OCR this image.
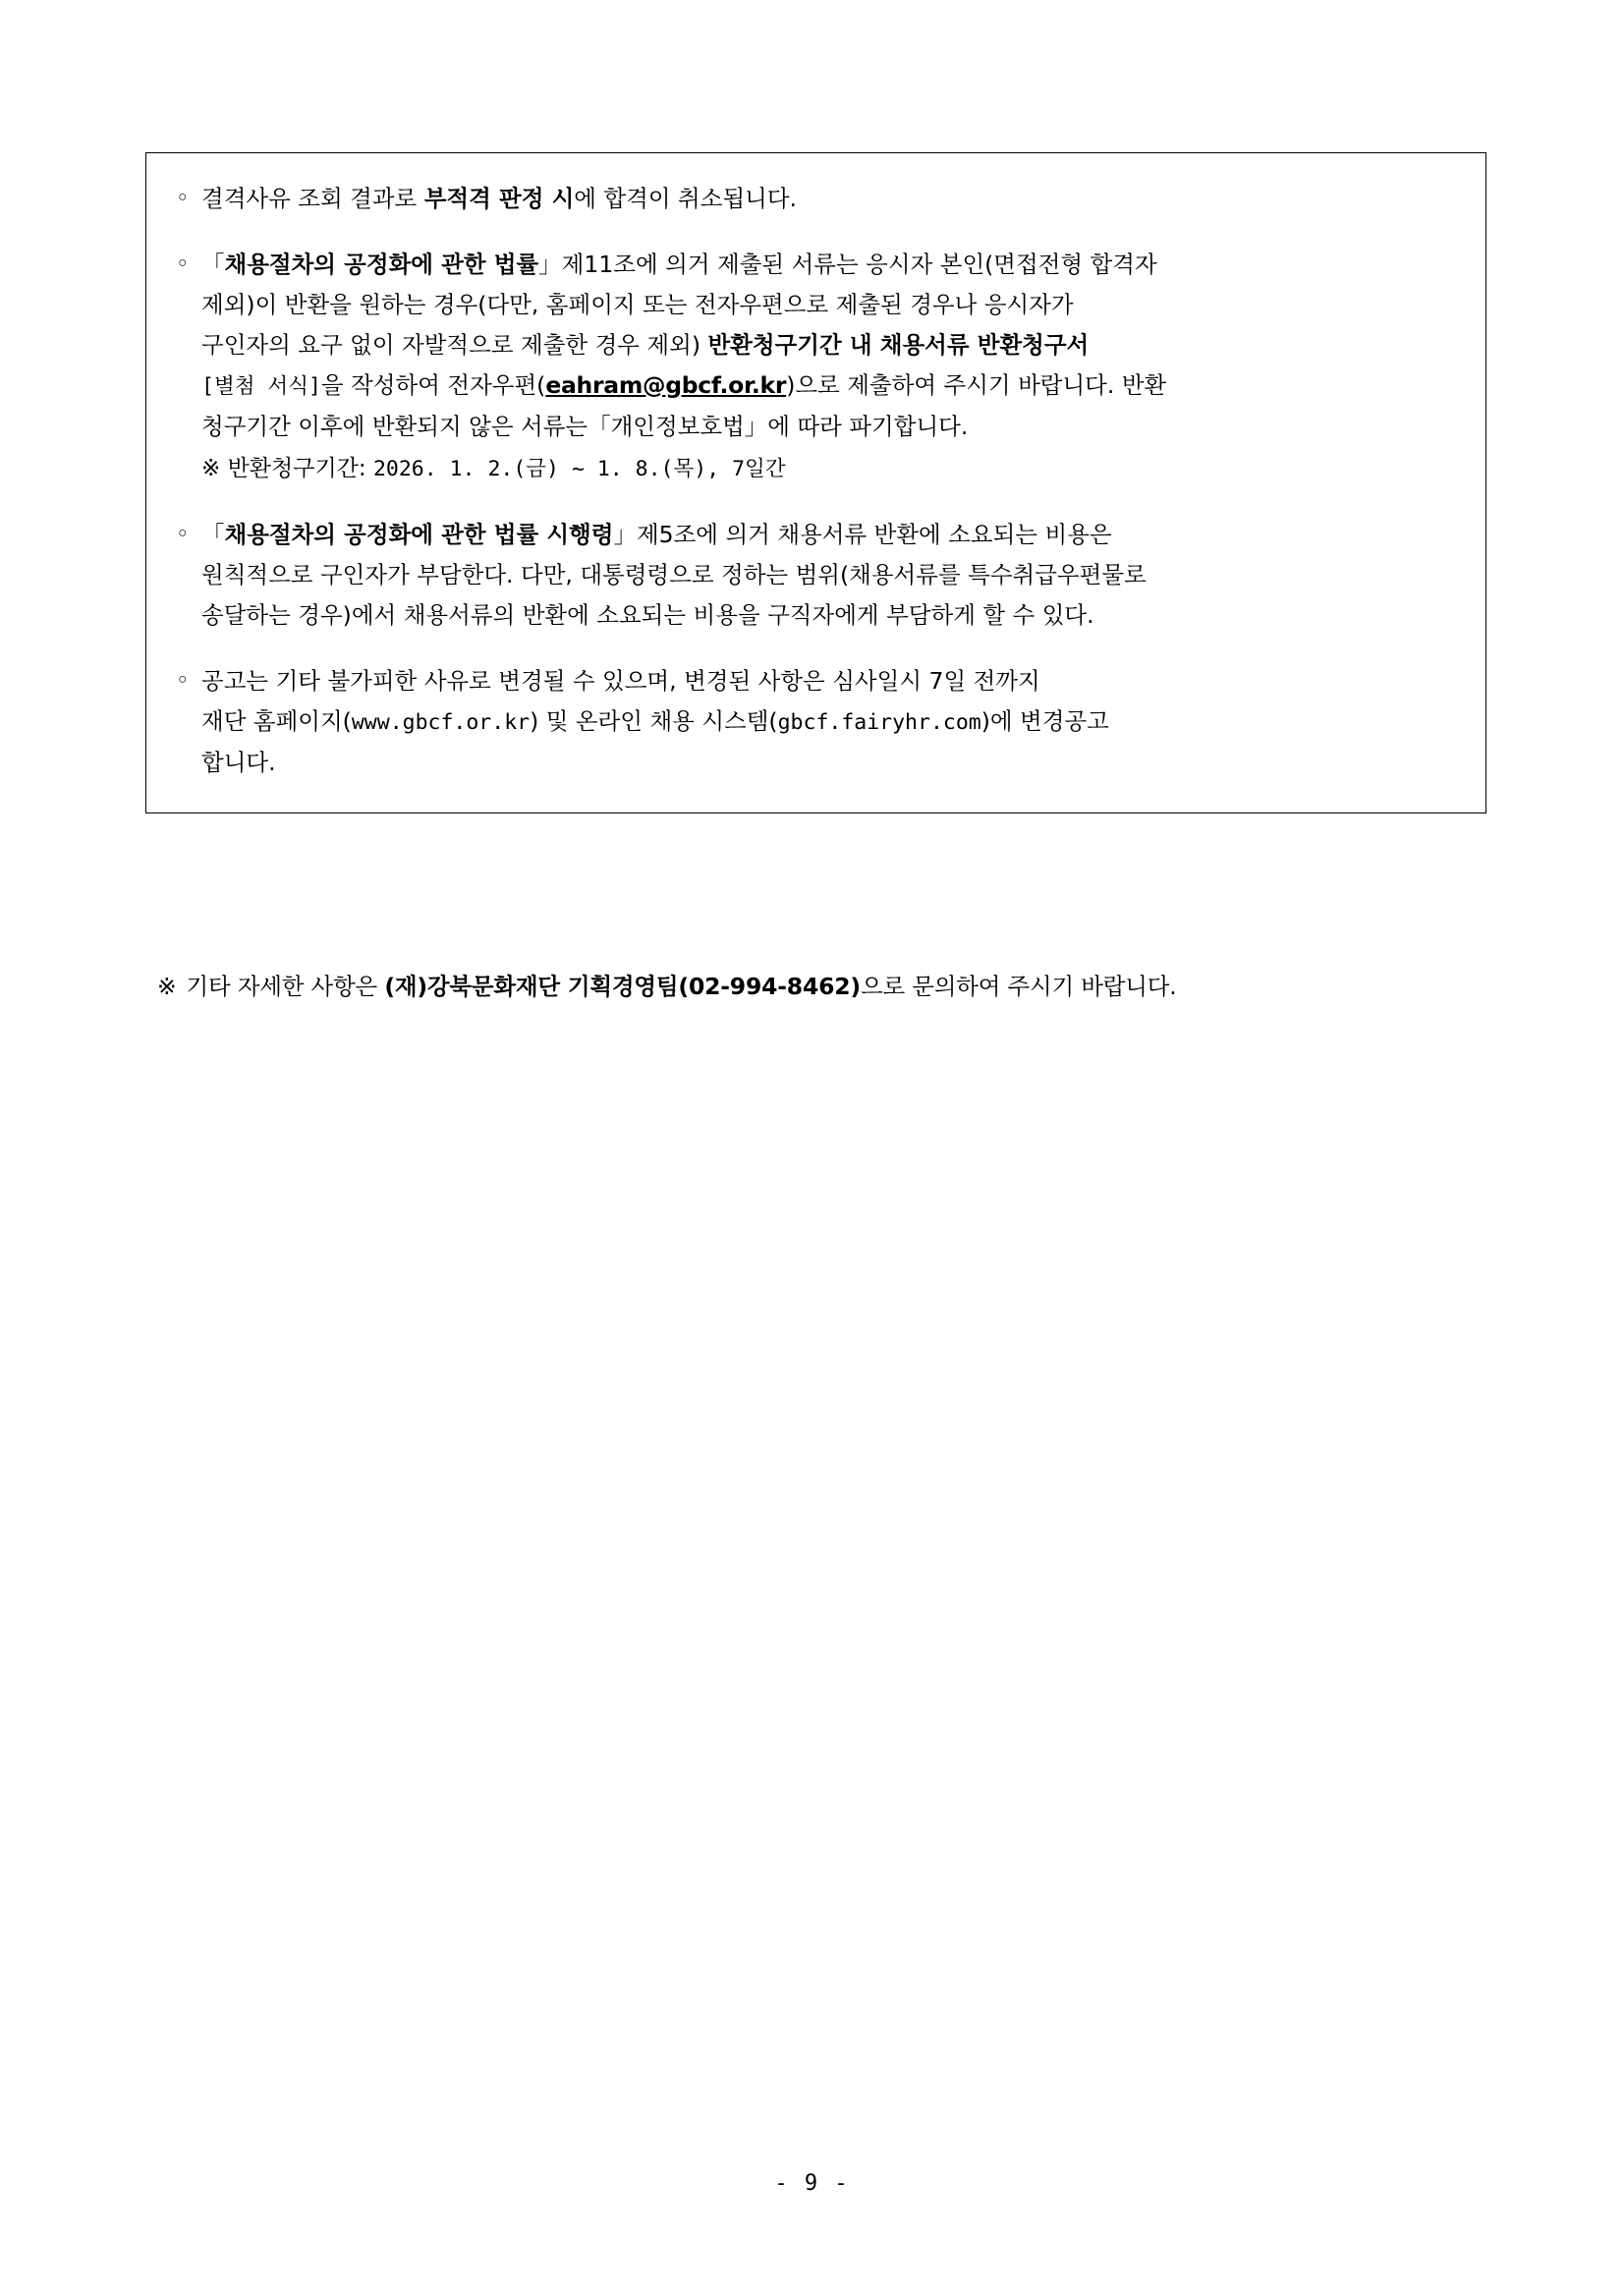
◦ 결격사유 조회 결과로 부적격 판정 시에 합격이 취소됩니다.
◦ 「채용절차의 공정화에 관한 법률」제11조에 의거 제출된 서류는 응시자 본인(면접전형 합격자
제외)이 반환을 원하는 경우(다만, 홈페이지 또는 전자우편으로 제출된 경우나 응시자가
구인자의 요구 없이 자발적으로 제출한 경우 제외) 반환청구기간 내 채용서류 반환청구서
[별첨 서식]을 작성하여 전자우편(eahram@gbcf.or.kr)으로 제출하여 주시기 바랍니다. 반환
청구기간 이후에 반환되지 않은 서류는「개인정보호법」에 따라 파기합니다.
※ 반환청구기간: 2026. 1. 2.(금) ~ 1. 8.(목), 7일간
◦ 「채용절차의 공정화에 관한 법률 시행령」제5조에 의거 채용서류 반환에 소요되는 비용은
원칙적으로 구인자가 부담한다. 다만, 대통령령으로 정하는 범위(채용서류를 특수취급우편물로
송달하는 경우)에서 채용서류의 반환에 소요되는 비용을 구직자에게 부담하게 할 수 있다.
◦ 공고는 기타 불가피한 사유로 변경될 수 있으며, 변경된 사항은 심사일시 7일 전까지
재단 홈페이지(www.gbcf.or.kr) 및 온라인 채용 시스템(gbcf.fairyhr.com)에 변경공고
합니다.
※ 기타 자세한 사항은 (재)강북문화재단 기획경영팀(02-994-8462)으로 문의하여 주시기 바랍니다.
- 9 -
